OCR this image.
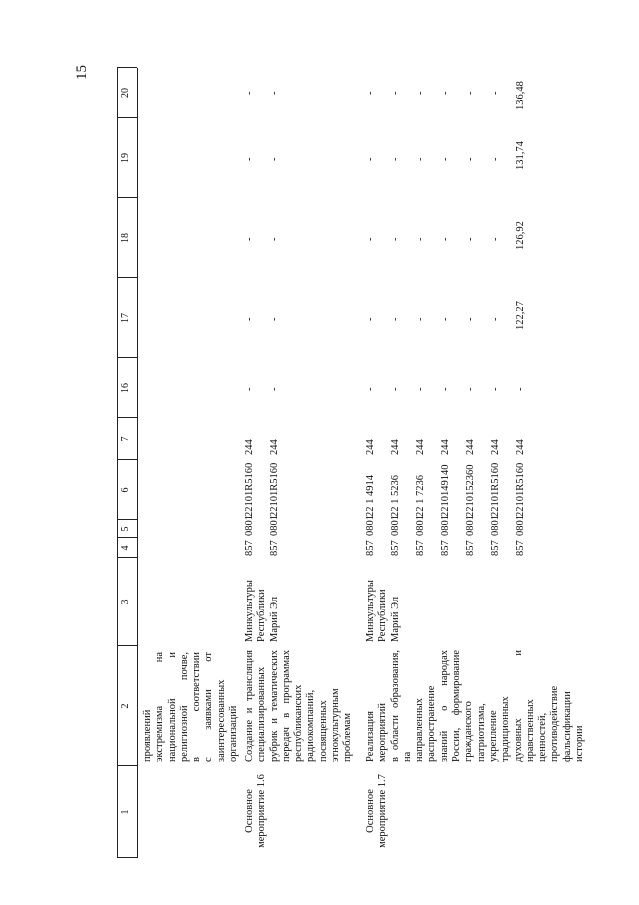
15
1
2
3
4
5
6
7
16
17
18
19
20
проявлений экстремизма на национальной и религиозной почве, в соответствии с заявками от заинтересованных организаций
Основное мероприятие 1.6
Создание и трансляция специализированных рубрик и тематических передач в программах республиканских радиокомпаний, посвященных этнокультурным проблемам
Минкультуры Республики Марий Эл
857
0801
22101R5160
244
857
0801
22101R5160
244
-
-
-
-
-
-
-
-
-
-
Основное мероприятие 1.7
Реализация мероприятий в области образования, на направленных распространение знаний о народах России, формирование гражданского патриотизма, укрепление традиционных духовных и нравственных ценностей, противодействие фальсификации истории
Минкультуры Республики Марий Эл
857
0801
22 1 4914
244
-
-
-
-
-
857
0801
22 1 5236
244
-
-
-
-
-
857
0801
22 1 7236
244
-
-
-
-
-
857
0801
2210149140
244
-
-
-
-
-
857
0801
2210152360
244
-
-
-
-
-
857
0801
22101R5160
244
-
-
-
-
-
857
0801
22101R5160
244
-
122,27
126,92
131,74
136,48
